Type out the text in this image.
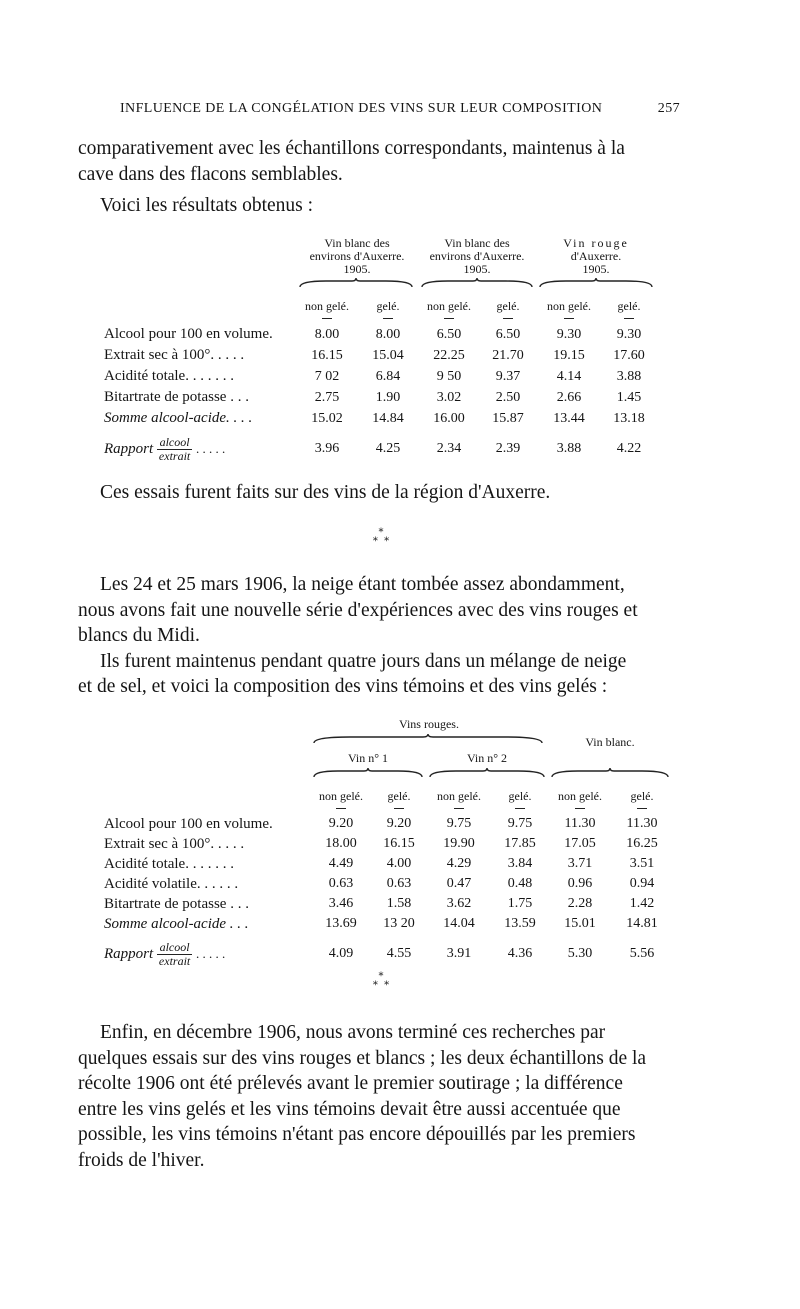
INFLUENCE DE LA CONGÉLATION DES VINS SUR LEUR COMPOSITION	257
comparativement avec les échantillons correspondants, maintenus à la
cave dans des flacons semblables.
Voici les résultats obtenus :

	Vin blanc des
environs d'Auxerre.
1905.		Vin blanc des
environs d'Auxerre.
1905.		Vin rouge
d'Auxerre.
1905.	

	non gelé.	gelé.	non gelé.	gelé.	non gelé.	gelé.

Alcool pour 100 en volume.	8.00	8.00	6.50	6.50	9.30	9.30
Extrait sec à 100°. . . . .	16.15	15.04	22.25	21.70	19.15	17.60
Acidité totale. . . . . . .	7 02	6.84	9 50	9.37	4.14	3.88
Bitartrate de potasse . . .	2.75	1.90	3.02	2.50	2.66	1.45
Somme alcool-acide. . . .	15.02	14.84	16.00	15.87	13.44	13.18
Rapport $\frac{\text{alcool}}{\text{extrait}}$ . . . . .	3.96	4.25	2.34	2.39	3.88	4.22
Ces essais furent faits sur des vins de la région d'Auxerre.
*
* *
Les 24 et 25 mars 1906, la neige étant tombée assez abondamment,
nous avons fait une nouvelle série d'expériences avec des vins rouges et
blancs du Midi.
Ils furent maintenus pendant quatre jours dans un mélange de neige
et de sel, et voici la composition des vins témoins et des vins gelés :
	Vins rouges.					
		Vin blanc.	
	Vin n° 1		Vin n° 2			

	non gelé.	gelé.	non gelé.	gelé.	non gelé.	gelé.

Alcool pour 100 en volume.	9.20	9.20	9.75	9.75	11.30	11.30
Extrait sec à 100°. . . . .	18.00	16.15	19.90	17.85	17.05	16.25
Acidité totale. . . . . . .	4.49	4.00	4.29	3.84	3.71	3.51
Acidité volatile. . . . . .	0.63	0.63	0.47	0.48	0.96	0.94
Bitartrate de potasse . . .	3.46	1.58	3.62	1.75	2.28	1.42
Somme alcool-acide . . .	13.69	13 20	14.04	13.59	15.01	14.81
Rapport $\frac{\text{alcool}}{\text{extrait}}$ . . . . .	4.09	4.55	3.91	4.36	5.30	5.56
*
* *
Enfin, en décembre 1906, nous avons terminé ces recherches par
quelques essais sur des vins rouges et blancs ; les deux échantillons de la
récolte 1906 ont été prélevés avant le premier soutirage ; la différence
entre les vins gelés et les vins témoins devait être aussi accentuée que
possible, les vins témoins n'étant pas encore dépouillés par les premiers
froids de l'hiver.
